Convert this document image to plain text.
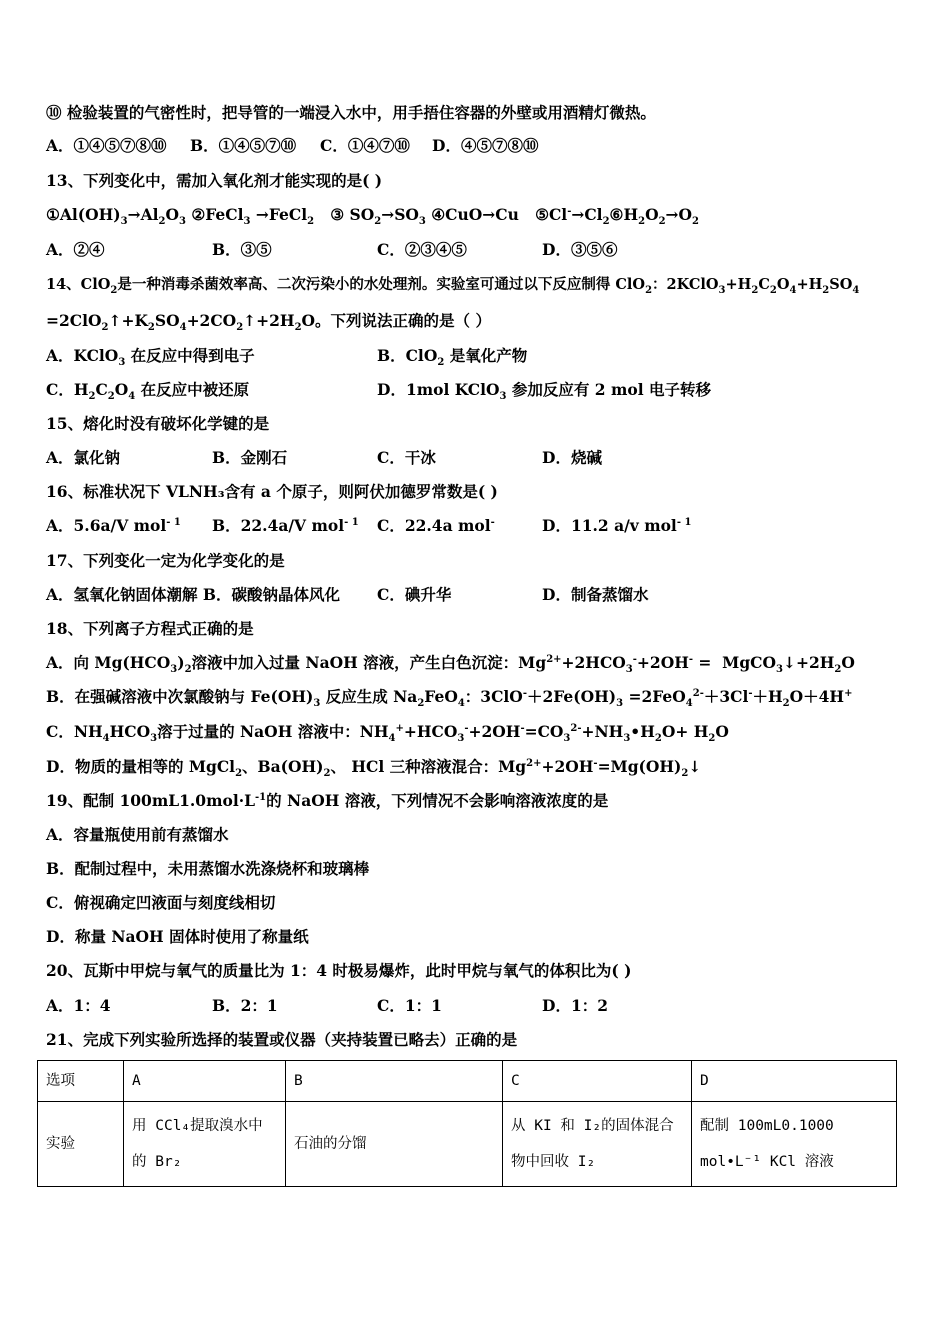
⑩ 检验装置的气密性时，把导管的一端浸入水中，用手捂住容器的外壁或用酒精灯微热。
A．①④⑤⑦⑧⑩ B．①④⑤⑦⑩ C．①④⑦⑩ D．④⑤⑦⑧⑩
13、下列变化中，需加入氧化剂才能实现的是( )
$①Al(OH)_3\to Al_2O_3$ ②FeCl$_3$ →FeCl$_2$   ③ $SO_2\to SO_3$ ④CuO→Cu   $⑤Cl^-\to Cl_2⑥H_2O_2\to O_2$
A．②④	B．③⑤	C．②③④⑤	D．③⑤⑥
14、ClO$_2$是一种消毒杀菌效率高、二次污染小的水处理剂。实验室可通过以下反应制得 ClO$_2$：$2KClO_3+H_2C_2O_4+H_2SO_4$
$=2ClO_2↑+K_2SO_4+2CO_2↑+2H_2O$。下列说法正确的是（ ）
A．KClO$_3$ 在反应中得到电子	B．ClO$_2$ 是氧化产物
C．$H_2C_2O_4$ 在反应中被还原	D．1mol KClO$_3$ 参加反应有 2 mol 电子转移
15、熔化时没有破坏化学键的是
A．氯化钠	B．金刚石	C．干冰	D．烧碱
16、标准状况下 VLNH₃含有 a 个原子，则阿伏加德罗常数是( )
A．5.6a/V mol$^{- 1}$ B．22.4a/V mol$^{- 1}$ C．22.4a mol-	D．11.2 a/v mol$^{- 1}$
17、下列变化一定为化学变化的是
A．氢氧化钠固体潮解 B．碳酸钠晶体风化 C．碘升华	D．制备蒸馏水
18、下列离子方程式正确的是
A．向 $Mg(HCO_3)_2$溶液中加入过量 NaOH 溶液，产生白色沉淀：$Mg^{2+}+2HCO_3^-+2OH^-$ =  $MgCO_3↓+2H_2O$
B．在强碱溶液中次氯酸钠与 $Fe(OH)_3$ 反应生成 $Na_2FeO_4$：$3ClO^-+2Fe(OH)_3 =2FeO_4^{2-}+3Cl^-+H_2O+4H^+$
C．$NH_4HCO_3$溶于过量的 NaOH 溶液中：$NH_4^++HCO_3^-+2OH^-=CO_3^{2-}+NH_3•H_2O+ H_2O$
D．物质的量相等的 MgCl$_2$、$Ba(OH)_2$、 HCl 三种溶液混合：$Mg^{2+}+2OH^-=Mg(OH)_2↓$
19、配制 $100mL1.0mol\cdot L^{-1}$的 NaOH 溶液，下列情况不会影响溶液浓度的是
A．容量瓶使用前有蒸馏水
B．配制过程中，未用蒸馏水洗涤烧杯和玻璃棒
C．俯视确定凹液面与刻度线相切
D．称量 NaOH 固体时使用了称量纸
20、瓦斯中甲烷与氧气的质量比为 1：4 时极易爆炸，此时甲烷与氧气的体积比为( )
A．1：4	B．2：1	C．1：1	D．1：2
21、完成下列实验所选择的装置或仪器（夹持装置已略去）正确的是
选项	A	B	C	D
实验	用 CCl₄提取溴水中的 Br₂	石油的分馏	从 KI 和 I₂的固体混合物中回收 I₂	配制 100mL0.1000 mol•L⁻¹ KCl 溶液
